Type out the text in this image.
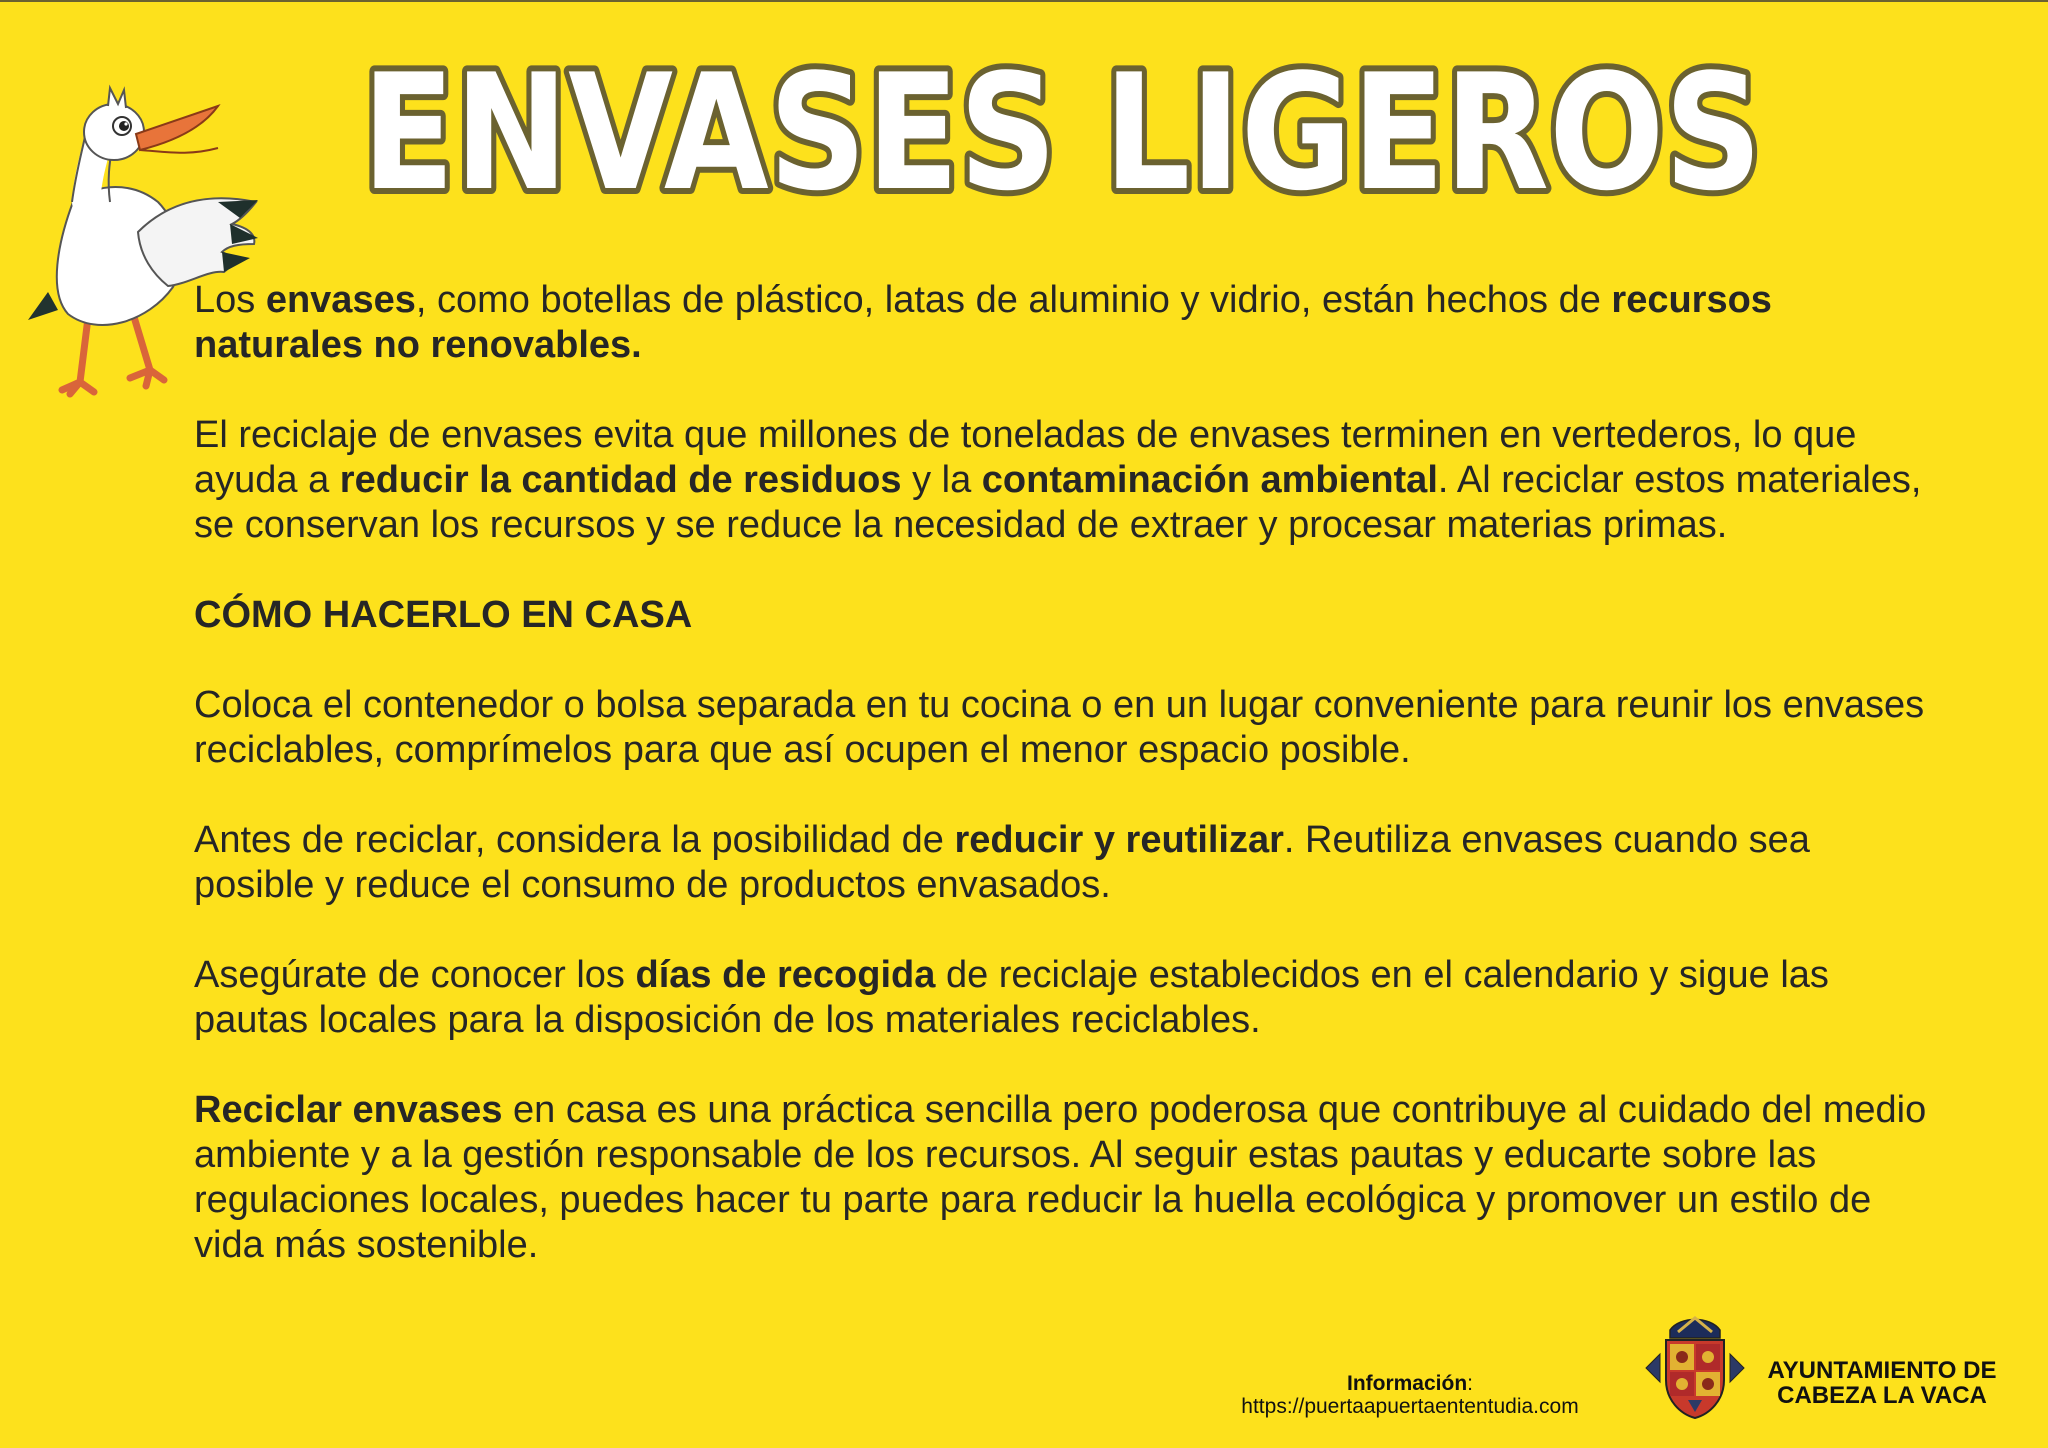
ENVASES LIGEROS

Los envases, como botellas de plástico, latas de aluminio y vidrio, están hechos de recursos naturales no renovables.

El reciclaje de envases evita que millones de toneladas de envases terminen en vertederos, lo que ayuda a reducir la cantidad de residuos y la contaminación ambiental. Al reciclar estos materiales, se conservan los recursos y se reduce la necesidad de extraer y procesar materias primas.

CÓMO HACERLO EN CASA

Coloca el contenedor o bolsa separada en tu cocina o en un lugar conveniente para reunir los envases reciclables, comprímelos para que así ocupen el menor espacio posible.

Antes de reciclar, considera la posibilidad de reducir y reutilizar. Reutiliza envases cuando sea posible y reduce el consumo de productos envasados.

Asegúrate de conocer los días de recogida de reciclaje establecidos en el calendario y sigue las pautas locales para la disposición de los materiales reciclables.

Reciclar envases en casa es una práctica sencilla pero poderosa que contribuye al cuidado del medio ambiente y a la gestión responsable de los recursos. Al seguir estas pautas y educarte sobre las regulaciones locales, puedes hacer tu parte para reducir la huella ecológica y promover un estilo de vida más sostenible.

Información:
https://puertaapuertaententudia.com
AYUNTAMIENTO DE
CABEZA LA VACA
